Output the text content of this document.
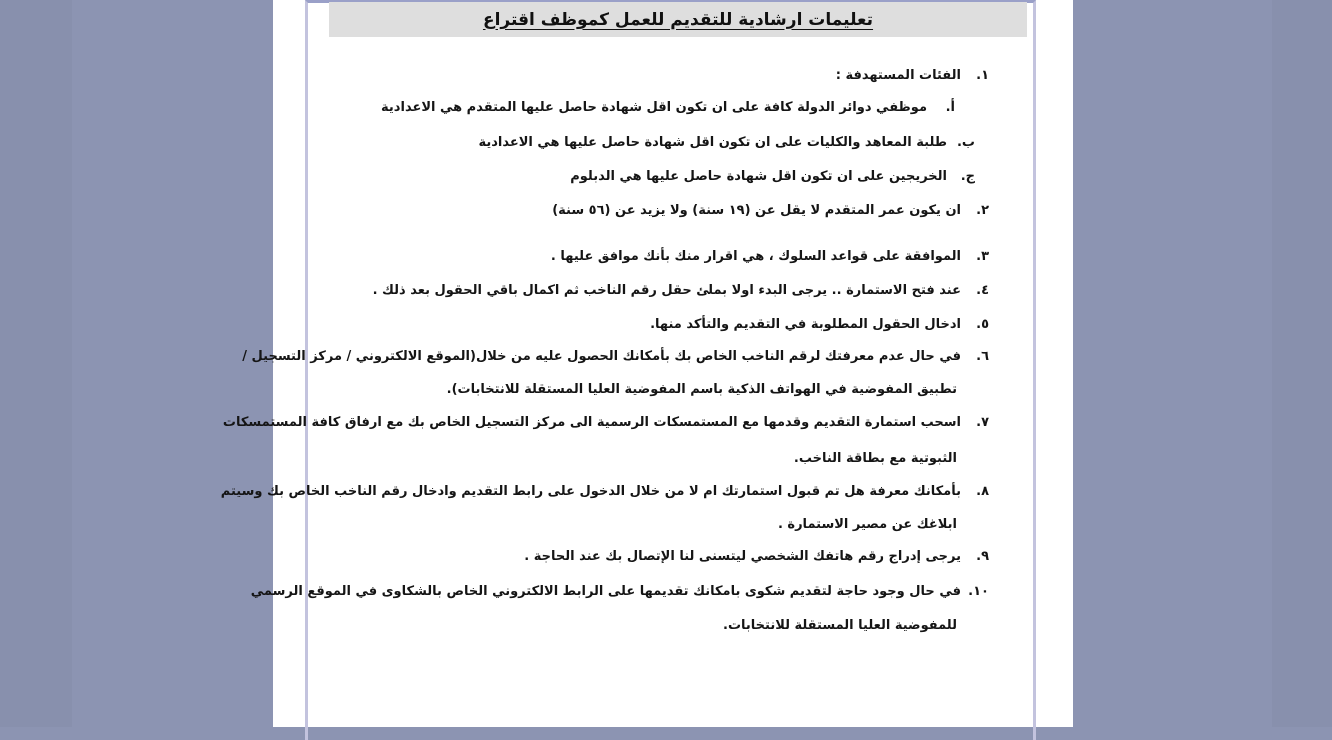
تعليمات ارشادية للتقديم للعمل كموظف اقتراع
١.الفئات المستهدفة :
أ.موظفي دوائر الدولة كافة على ان تكون اقل شهادة حاصل عليها المتقدم هي الاعدادية
ب.طلبة المعاهد والكليات على ان تكون اقل شهادة حاصل عليها هي الاعدادية
ج.الخريجين على ان تكون اقل شهادة حاصل عليها هي الدبلوم
٢.ان يكون عمر المتقدم لا يقل عن (١٩ سنة) ولا يزيد عن (٥٦ سنة)
٣.الموافقة على قواعد السلوك ، هي اقرار منك بأنك موافق عليها .
٤.عند فتح الاستمارة .. يرجى البدء اولا بملئ حقل رقم الناخب ثم اكمال باقي الحقول بعد ذلك .
٥.ادخال الحقول المطلوبة في التقديم والتأكد منها.
٦.في حال عدم معرفتك لرقم الناخب الخاص بك بأمكانك الحصول عليه من خلال(الموقع الالكتروني / مركز التسجيل /
تطبيق المفوضية في الهواتف الذكية باسم المفوضية العليا المستقلة للانتخابات).
٧.اسحب استمارة التقديم وقدمها مع المستمسكات الرسمية الى مركز التسجيل الخاص بك مع ارفاق كافة المستمسكات
الثبوتية مع بطاقة الناخب.
٨.بأمكانك معرفة هل تم قبول استمارتك ام لا من خلال الدخول على رابط التقديم وادخال رقم الناخب الخاص بك وسيتم
ابلاغك عن مصير الاستمارة .
٩.يرجى إدراج رقم هاتفك الشخصي ليتسنى لنا الإتصال بك عند الحاجة .
١٠.في حال وجود حاجة لتقديم شكوى بامكانك تقديمها على الرابط الالكتروني الخاص بالشكاوى في الموقع الرسمي
للمفوضية العليا المستقلة للانتخابات.
